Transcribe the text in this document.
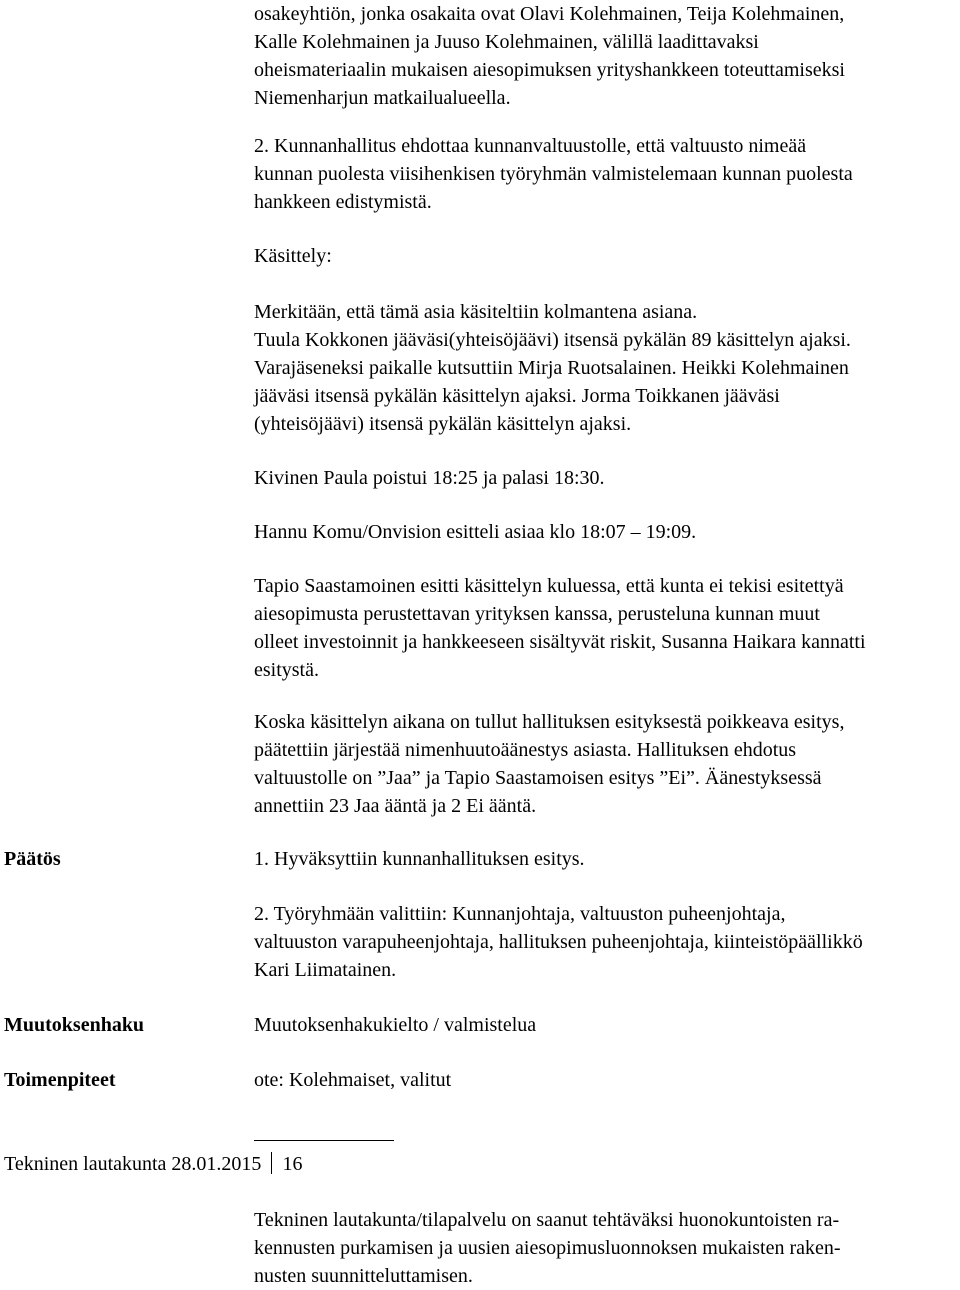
osakeyhtiön, jonka osakaita ovat Olavi Kolehmainen, Teija Kolehmainen,
Kalle Kolehmainen ja Juuso Kolehmainen, välillä laadittavaksi
oheismateriaalin mukaisen aiesopimuksen yrityshankkeen toteuttamiseksi
Niemenharjun matkailualueella.

2. Kunnanhallitus ehdottaa kunnanvaltuustolle, että valtuusto nimeää
kunnan puolesta viisihenkisen työryhmän valmistelemaan kunnan puolesta
hankkeen edistymistä.

Käsittely:

Merkitään, että tämä asia käsiteltiin kolmantena asiana.
Tuula Kokkonen jääväsi(yhteisöjäävi) itsensä pykälän 89 käsittelyn ajaksi.
Varajäseneksi paikalle kutsuttiin Mirja Ruotsalainen. Heikki Kolehmainen
jääväsi itsensä pykälän käsittelyn ajaksi. Jorma Toikkanen jääväsi
(yhteisöjäävi) itsensä pykälän käsittelyn ajaksi.

Kivinen Paula poistui 18:25 ja palasi 18:30.

Hannu Komu/Onvision esitteli asiaa klo 18:07 – 19:09.

Tapio Saastamoinen esitti käsittelyn kuluessa, että kunta ei tekisi esitettyä
aiesopimusta perustettavan yrityksen kanssa, perusteluna kunnan muut
olleet investoinnit ja hankkeeseen sisältyvät riskit, Susanna Haikara kannatti
esitystä.

Koska käsittelyn aikana on tullut hallituksen esityksestä poikkeava esitys,
päätettiin järjestää nimenhuutoäänestys asiasta. Hallituksen ehdotus
valtuustolle on ”Jaa” ja Tapio Saastamoisen esitys ”Ei”. Äänestyksessä
annettiin 23 Jaa ääntä ja 2 Ei ääntä.

Päätös	1. Hyväksyttiin kunnanhallituksen esitys.

2. Työryhmään valittiin: Kunnanjohtaja, valtuuston puheenjohtaja,
valtuuston varapuheenjohtaja, hallituksen puheenjohtaja, kiinteistöpäällikkö
Kari Liimatainen.

Muutoksenhaku	Muutoksenhakukielto / valmistelua

Toimenpiteet	ote: Kolehmaiset, valitut

Tekninen lautakunta 28.01.2015 16

Tekninen lautakunta/tilapalvelu on saanut tehtäväksi huonokuntoisten ra-
kennusten purkamisen ja uusien aiesopimusluonnoksen mukaisten raken-
nusten suunnitteluttamisen.
